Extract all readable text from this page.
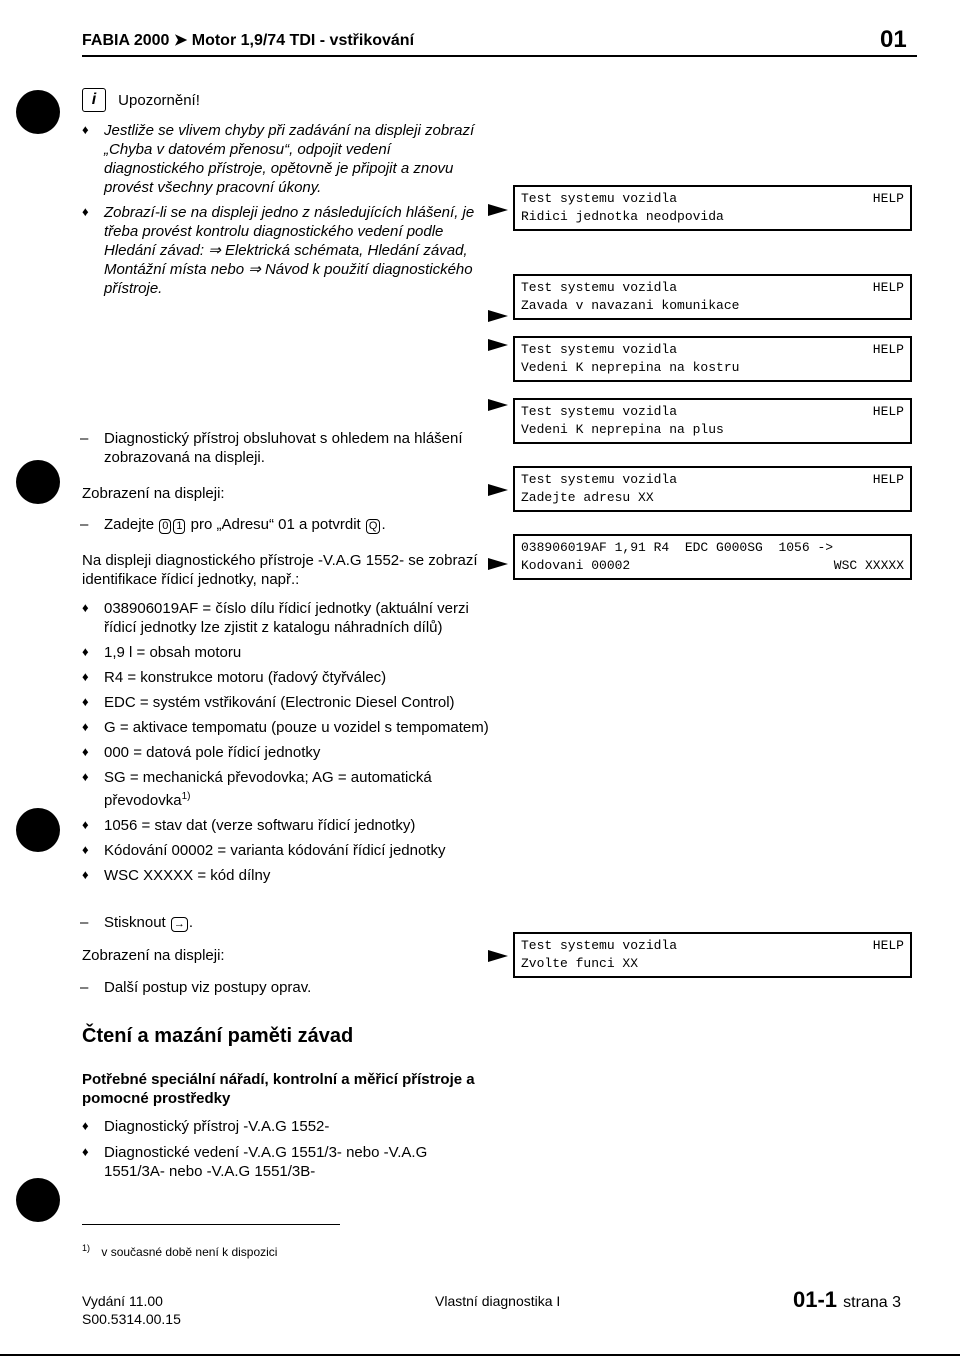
FABIA 2000 ➤ Motor 1,9/74 TDI - vstřikování	01
i Upozornění!
♦ Jestliže se vlivem chyby při zadávání na displeji zobrazí „Chyba v datovém přenosu“, odpojit vedení diagnostického přístroje, opětovně je připojit a znovu provést všechny pracovní úkony.
♦ Zobrazí-li se na displeji jedno z následujících hlášení, je třeba provést kontrolu diagnostického vedení podle Hledání závad: ⇒ Elektrická schémata, Hledání závad, Montážní místa nebo ⇒ Návod k použití diagnostického přístroje.
Test systemu vozidla	HELP
Ridici jednotka neodpovida
Test systemu vozidla	HELP
Zavada v navazani komunikace
Test systemu vozidla	HELP
Vedeni K neprepina na kostru
Test systemu vozidla	HELP
Vedeni K neprepina na plus
Test systemu vozidla	HELP
Zadejte adresu XX
038906019AF 1,91 R4  EDC G000SG  1056 ->
Kodovani 00002	WSC XXXXX
Test systemu vozidla	HELP
Zvolte funci XX
– Diagnostický přístroj obsluhovat s ohledem na hlášení zobrazovaná na displeji.
Zobrazení na displeji:
– Zadejte 0 1 pro „Adresu“ 01 a potvrdit Q .
Na displeji diagnostického přístroje -V.A.G 1552- se zobrazí identifikace řídicí jednotky, např.:
♦ 038906019AF = číslo dílu řídicí jednotky (aktuální verzi řídicí jednotky lze zjistit z katalogu náhradních dílů)
♦ 1,9 l = obsah motoru
♦ R4 = konstrukce motoru (řadový čtyřválec)
♦ EDC = systém vstřikování (Electronic Diesel Control)
♦ G = aktivace tempomatu (pouze u vozidel s tempomatem)
♦ 000 = datová pole řídicí jednotky
♦ SG = mechanická převodovka; AG = automatická převodovka$^{1)}$
♦ 1056 = stav dat (verze softwaru řídicí jednotky)
♦ Kódování 00002 = varianta kódování řídicí jednotky
♦ WSC XXXXX = kód dílny
– Stisknout → .
Zobrazení na displeji:
– Další postup viz postupy oprav.
Čtení a mazání paměti závad
Potřebné speciální nářadí, kontrolní a měřicí přístroje a pomocné prostředky
♦ Diagnostický přístroj -V.A.G 1552-
♦ Diagnostické vedení -V.A.G 1551/3- nebo -V.A.G 1551/3A- nebo -V.A.G 1551/3B-
$^{1)}$ v současné době není k dispozici
Vydání 11.00
S00.5314.00.15
Vlastní diagnostika I	01-1 strana 3
